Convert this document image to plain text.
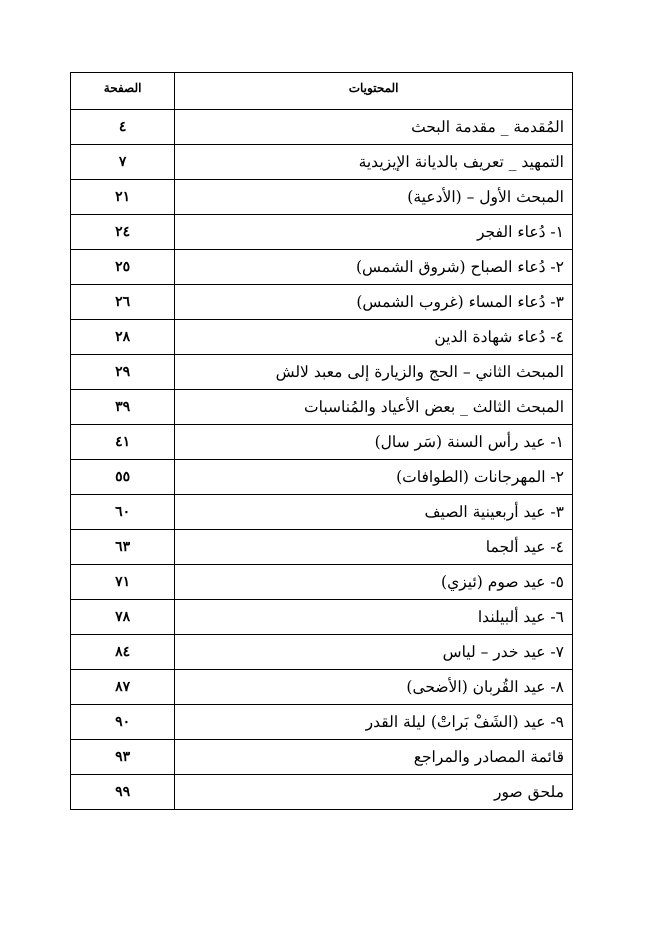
المحتويات	الصفحة
المُقدمة _ مقدمة البحث	٤
التمهيد _ تعريف بالديانة الإيزيدية	٧
المبحث الأول – (الأدعية)	٢١
١- دُعاء الفجر	٢٤
٢- دُعاء الصباح (شروق الشمس)	٢٥
٣- دُعاء المساء (غروب الشمس)	٢٦
٤- دُعاء شهادة الدين	٢٨
المبحث الثاني – الحج والزيارة إلى معبد لالش	٢٩
المبحث الثالث _ بعض الأعياد والمُناسبات	٣٩
١- عيد رأس السنة (سَر سال)	٤١
٢- المهرجانات (الطوافات)	٥٥
٣- عيد أربعينية الصيف	٦٠
٤- عيد ألجما	٦٣
٥- عيد صوم (ئيزي)	٧١
٦- عيد ألبيلندا	٧٨
٧- عيد خدر – لياس	٨٤
٨- عيد القُربان (الأضحى)	٨٧
٩- عيد (الشَفْ بَراتْ) ليلة القدر	٩٠
قائمة المصادر والمراجع	٩٣
ملحق صور	٩٩
